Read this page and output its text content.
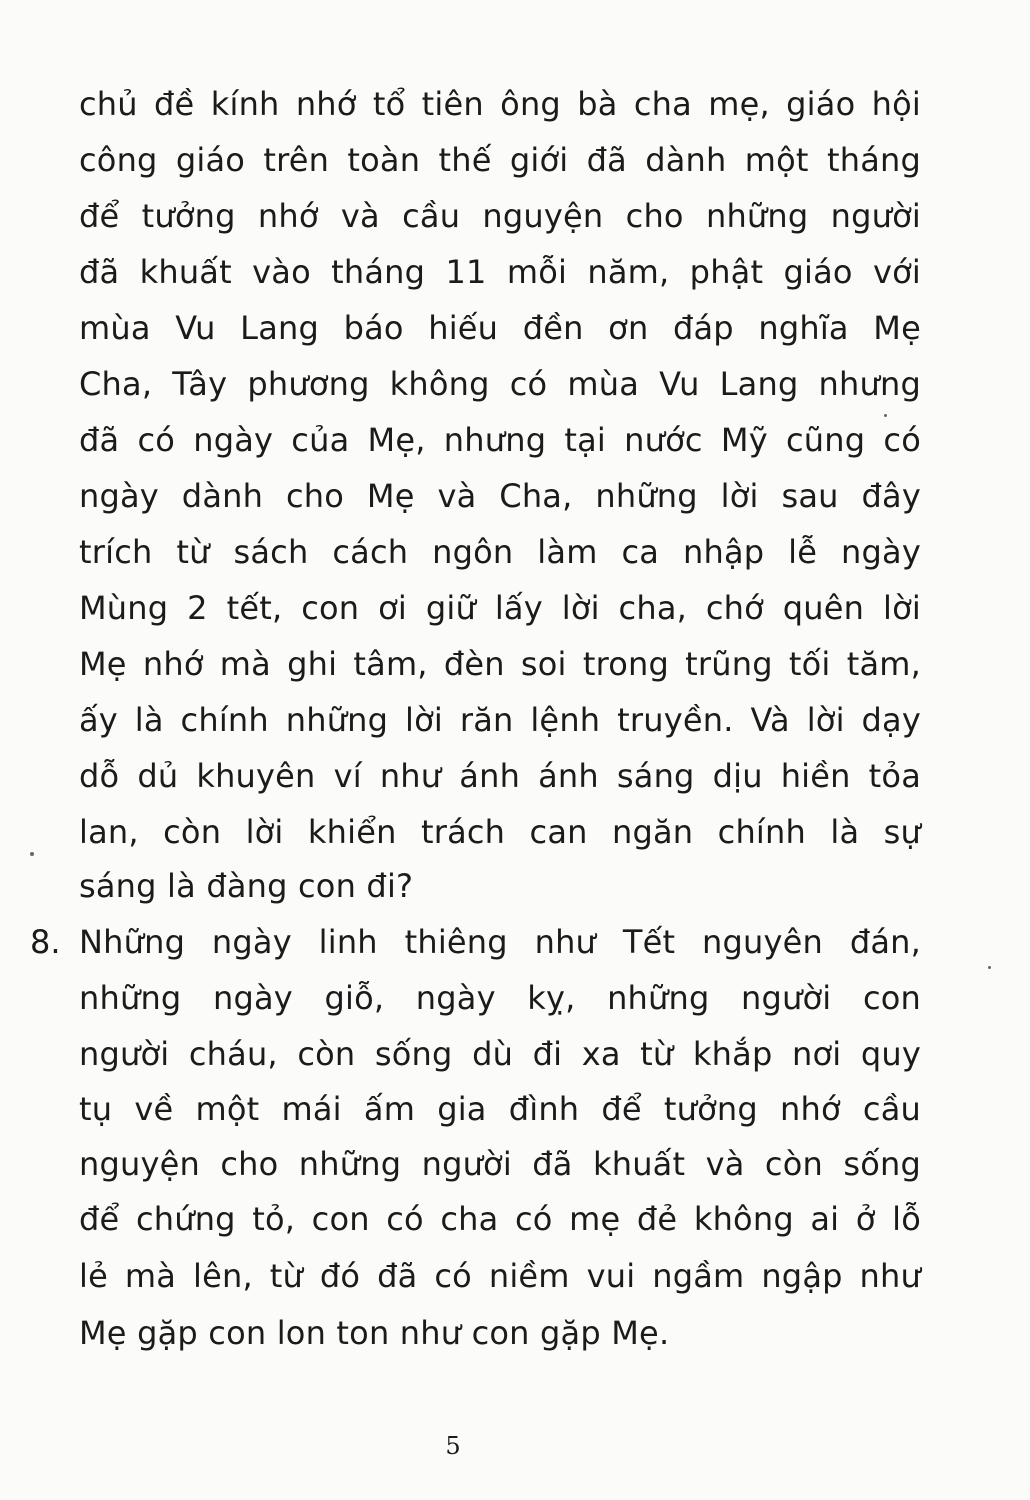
chủ đề kính nhớ tổ tiên ông bà cha mẹ, giáo hội
công giáo trên toàn thế giới đã dành một tháng
để tưởng nhớ và cầu nguyện cho những người
đã khuất vào tháng 11 mỗi năm, phật giáo với
mùa Vu Lang báo hiếu đền ơn đáp nghĩa Mẹ
Cha, Tây phương không có mùa Vu Lang nhưng
đã có ngày của Mẹ, nhưng tại nước Mỹ cũng có
ngày dành cho Mẹ và Cha, những lời sau đây
trích từ sách cách ngôn làm ca nhập lễ ngày
Mùng 2 tết, con ơi giữ lấy lời cha, chớ quên lời
Mẹ nhớ mà ghi tâm, đèn soi trong trũng tối tăm,
ấy là chính những lời răn lệnh truyền. Và lời dạy
dỗ dủ khuyên ví như ánh ánh sáng dịu hiền tỏa
lan, còn lời khiển trách can ngăn chính là sự
sáng là đàng con đi?
8. Những ngày linh thiêng như Tết nguyên đán,
những ngày giỗ, ngày kỵ, những người con
người cháu, còn sống dù đi xa từ khắp nơi quy
tụ về một mái ấm gia đình để tưởng nhớ cầu
nguyện cho những người đã khuất và còn sống
để chứng tỏ, con có cha có mẹ đẻ không ai ở lỗ
lẻ mà lên, từ đó đã có niềm vui ngầm ngập như
Mẹ gặp con lon ton như con gặp Mẹ.
5
